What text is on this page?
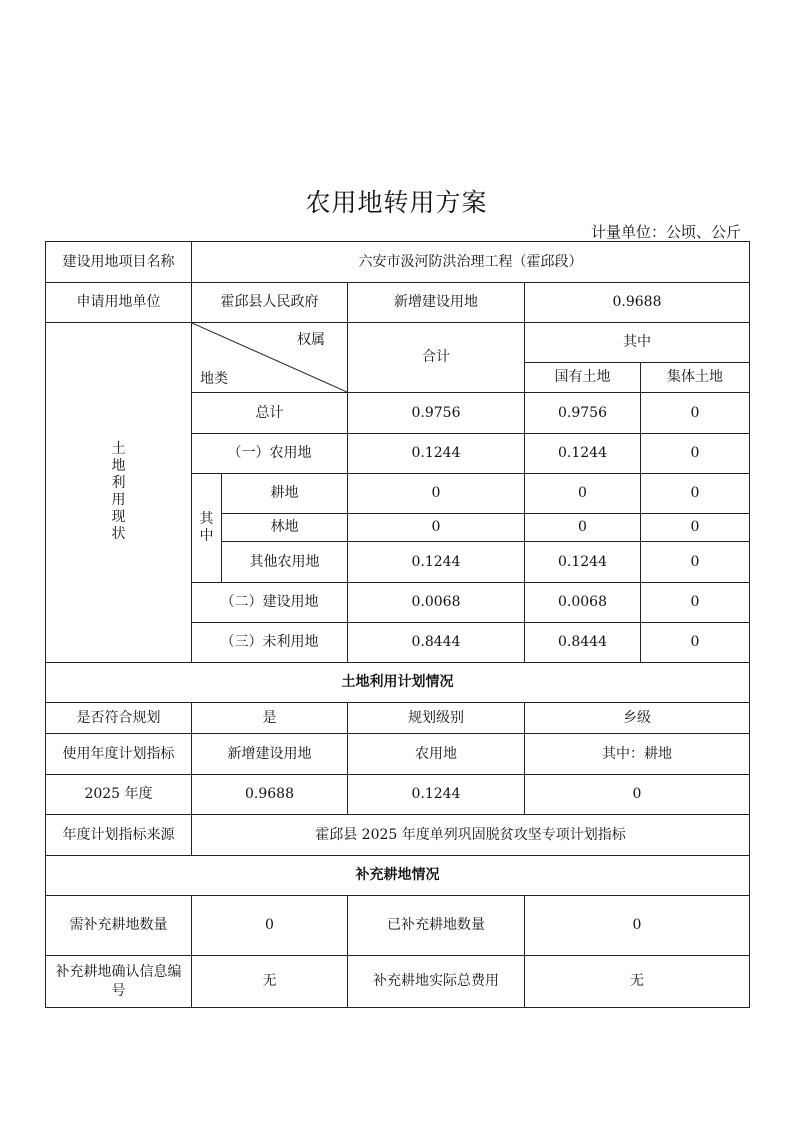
农用地转用方案

计量单位：公顷、公斤

建设用地项目名称	六安市汲河防洪治理工程（霍邱段）				
申请用地单位	霍邱县人民政府		新增建设用地	0.9688	
土地利用现状	权属
地类		合计	其中	
				国有土地	集体土地
	总计		0.9756	0.9756	0
	（一）农用地		0.1244	0.1244	0
	其中	耕地	0	0	0
		林地	0	0	0
		其他农用地	0.1244	0.1244	0
	（二）建设用地		0.0068	0.0068	0
	（三）未利用地		0.8444	0.8444	0
土地利用计划情况					
是否符合规划	是		规划级别	乡级	
使用年度计划指标	新增建设用地		农用地	其中：耕地	
2025 年度	0.9688		0.1244	0	
年度计划指标来源	霍邱县 2025 年度单列巩固脱贫攻坚专项计划指标				
补充耕地情况					
需补充耕地数量	0		已补充耕地数量	0	
补充耕地确认信息编号	无		补充耕地实际总费用	无	
